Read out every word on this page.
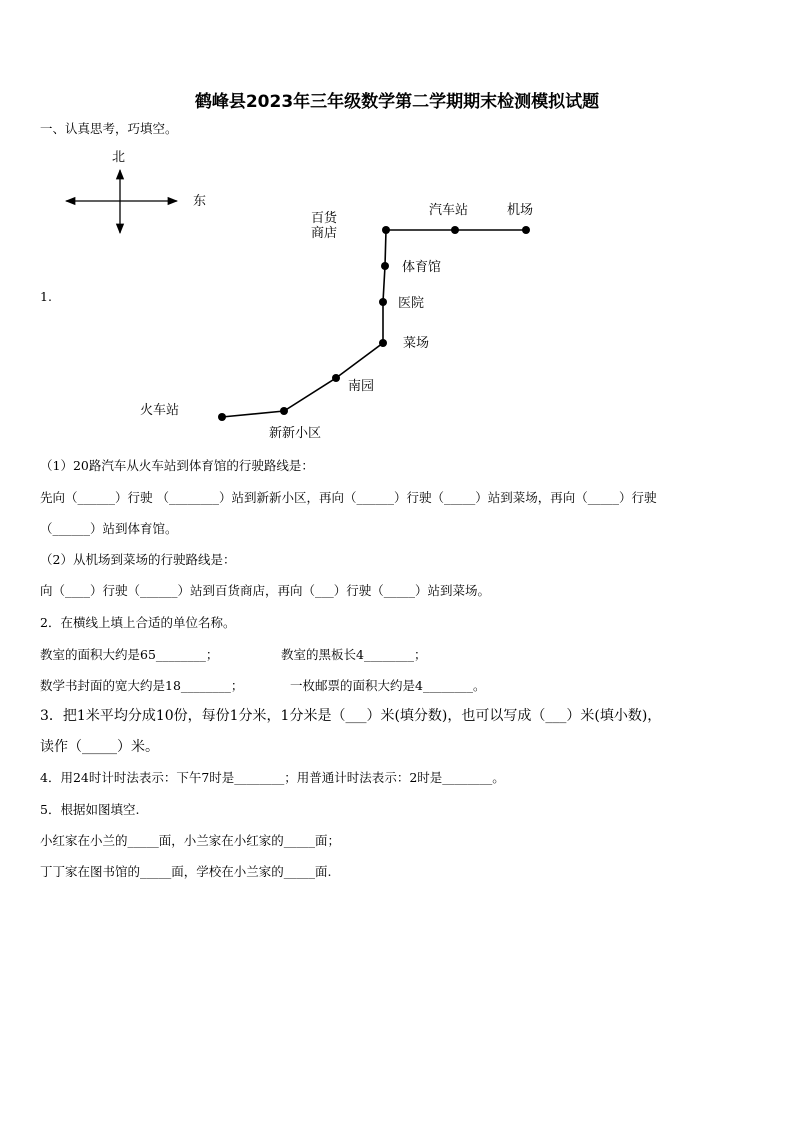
鹤峰县2023年三年级数学第二学期期末检测模拟试题
一、认真思考，巧填空。
北
东
百货
商店
汽车站	机场
体育馆
医院
菜场
南园
火车站
新新小区
1.
（1）20路汽车从火车站到体育馆的行驶路线是：
先向（______）行驶 （________）站到新新小区，再向（______）行驶（_____）站到菜场，再向（_____）行驶
（______）站到体育馆。
（2）从机场到菜场的行驶路线是：
向（____）行驶（______）站到百货商店，再向（___）行驶（_____）站到菜场。
2．在横线上填上合适的单位名称。
教室的面积大约是65________；	教室的黑板长4________；
数学书封面的宽大约是18________；	一枚邮票的面积大约是4________。
3．把1米平均分成10份，每份1分米，1分米是（___）米(填分数)，也可以写成（___）米(填小数)，
读作（_____）米。
4．用24时计时法表示：下午7时是________；用普通计时法表示：2时是________。
5．根据如图填空.
小红家在小兰的_____面，小兰家在小红家的_____面；
丁丁家在图书馆的_____面，学校在小兰家的_____面.
